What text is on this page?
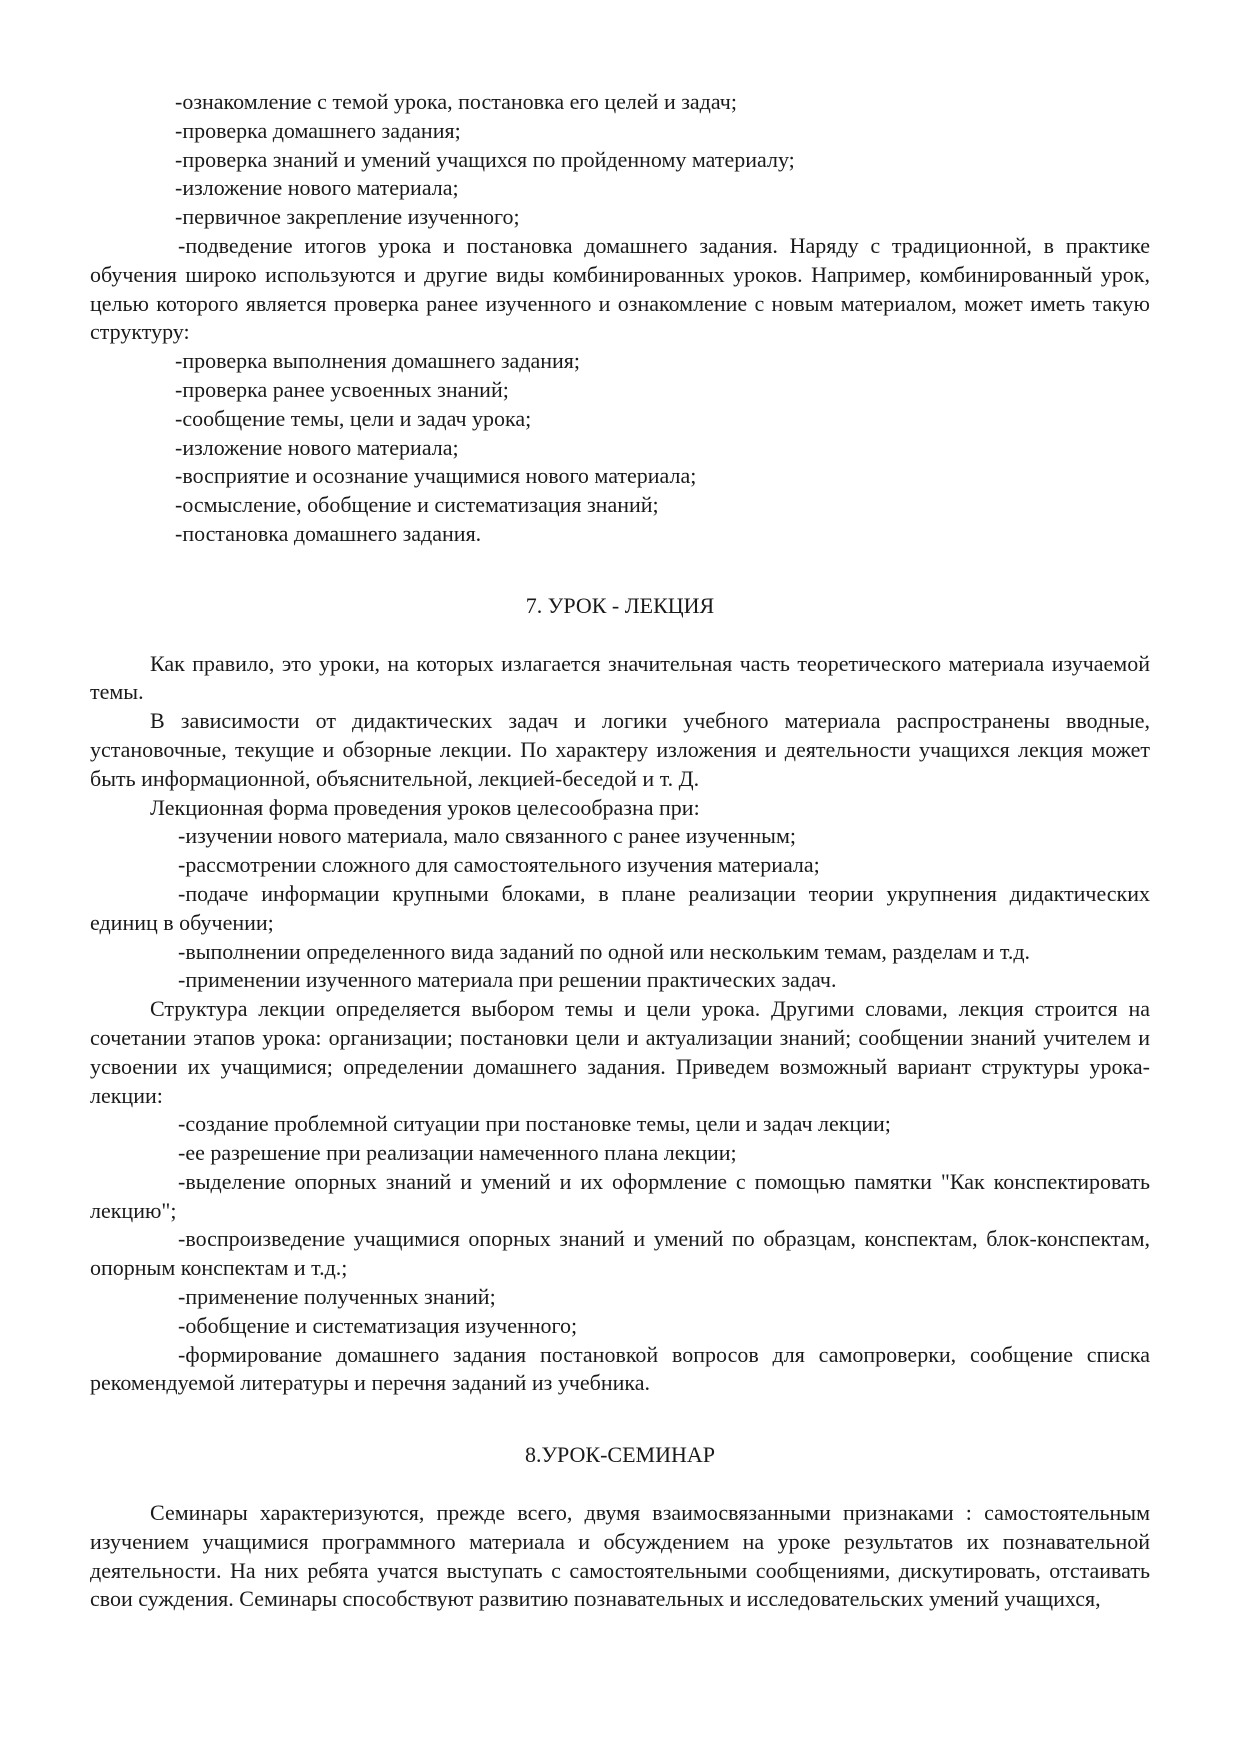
-ознакомление с темой урока, постановка его целей и задач;

-проверка домашнего задания;

-проверка знаний и умений учащихся по пройденному материалу;

-изложение нового материала;

-первичное закрепление изученного;

-подведение итогов урока и постановка домашнего задания. Наряду с традиционной, в практике обучения широко используются и другие виды комбинированных уроков. Например, комбинированный урок, целью которого является проверка ранее изученного и ознакомление с новым материалом, может иметь такую структуру:

-проверка выполнения домашнего задания;

-проверка ранее усвоенных знаний;

-сообщение темы, цели и задач урока;

-изложение нового материала;

-восприятие и осознание учащимися нового материала;

-осмысление, обобщение и систематизация знаний;

-постановка домашнего задания.

7. УРОК - ЛЕКЦИЯ

Как правило, это уроки, на которых излагается значительная часть теоретического материала изучаемой темы.

В зависимости от дидактических задач и логики учебного материала распространены вводные, установочные, текущие и обзорные лекции. По характеру изложения и деятельности учащихся лекция может быть информационной, объяснительной, лекцией-беседой и т. Д.

Лекционная форма проведения уроков целесообразна при:

-изучении нового материала, мало связанного с ранее изученным;

-рассмотрении сложного для самостоятельного изучения материала;

-подаче информации крупными блоками, в плане реализации теории укрупнения дидактических единиц в обучении;

-выполнении определенного вида заданий по одной или нескольким темам, разделам и т.д.

-применении изученного материала при решении практических задач.

Структура лекции определяется выбором темы и цели урока. Другими словами, лекция строится на сочетании этапов урока: организации; постановки цели и актуализации знаний; сообщении знаний учителем и усвоении их учащимися; определении домашнего задания. Приведем возможный вариант структуры урока-лекции:

-создание проблемной ситуации при постановке темы, цели и задач лекции;

-ее разрешение при реализации намеченного плана лекции;

-выделение опорных знаний и умений и их оформление с помощью памятки "Как конспектировать лекцию";

-воспроизведение учащимися опорных знаний и умений по образцам, конспектам, блок-конспектам, опорным конспектам и т.д.;

-применение полученных знаний;

-обобщение и систематизация изученного;

-формирование домашнего задания постановкой вопросов для самопроверки, сообщение списка рекомендуемой литературы и перечня заданий из учебника.

8.УРОК-СЕМИНАР

Семинары характеризуются, прежде всего, двумя взаимосвязанными признаками : самостоятельным изучением учащимися программного материала и обсуждением на уроке результатов их познавательной деятельности. На них ребята учатся выступать с самостоятельными сообщениями, дискутировать, отстаивать свои суждения. Семинары способствуют развитию познавательных и исследовательских умений учащихся,
